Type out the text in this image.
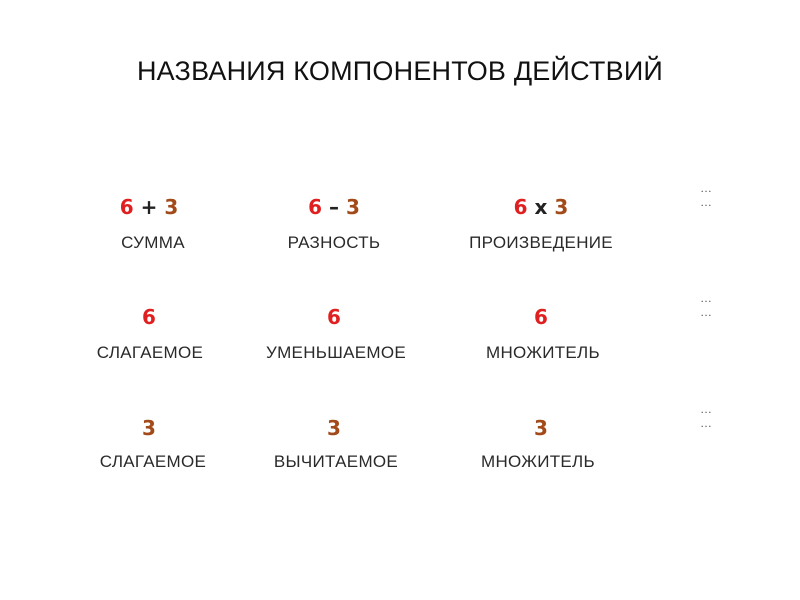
НАЗВАНИЯ КОМПОНЕНТОВ ДЕЙСТВИЙ
6 + 3	6 – 3	6 x 3
СУММА	РАЗНОСТЬ	ПРОИЗВЕДЕНИЕ
…
…
6	6	6
СЛАГАЕМОЕ	УМЕНЬШАЕМОЕ	МНОЖИТЕЛЬ
…
…
3	3	3
СЛАГАЕМОЕ	ВЫЧИТАЕМОЕ	МНОЖИТЕЛЬ
…
…
